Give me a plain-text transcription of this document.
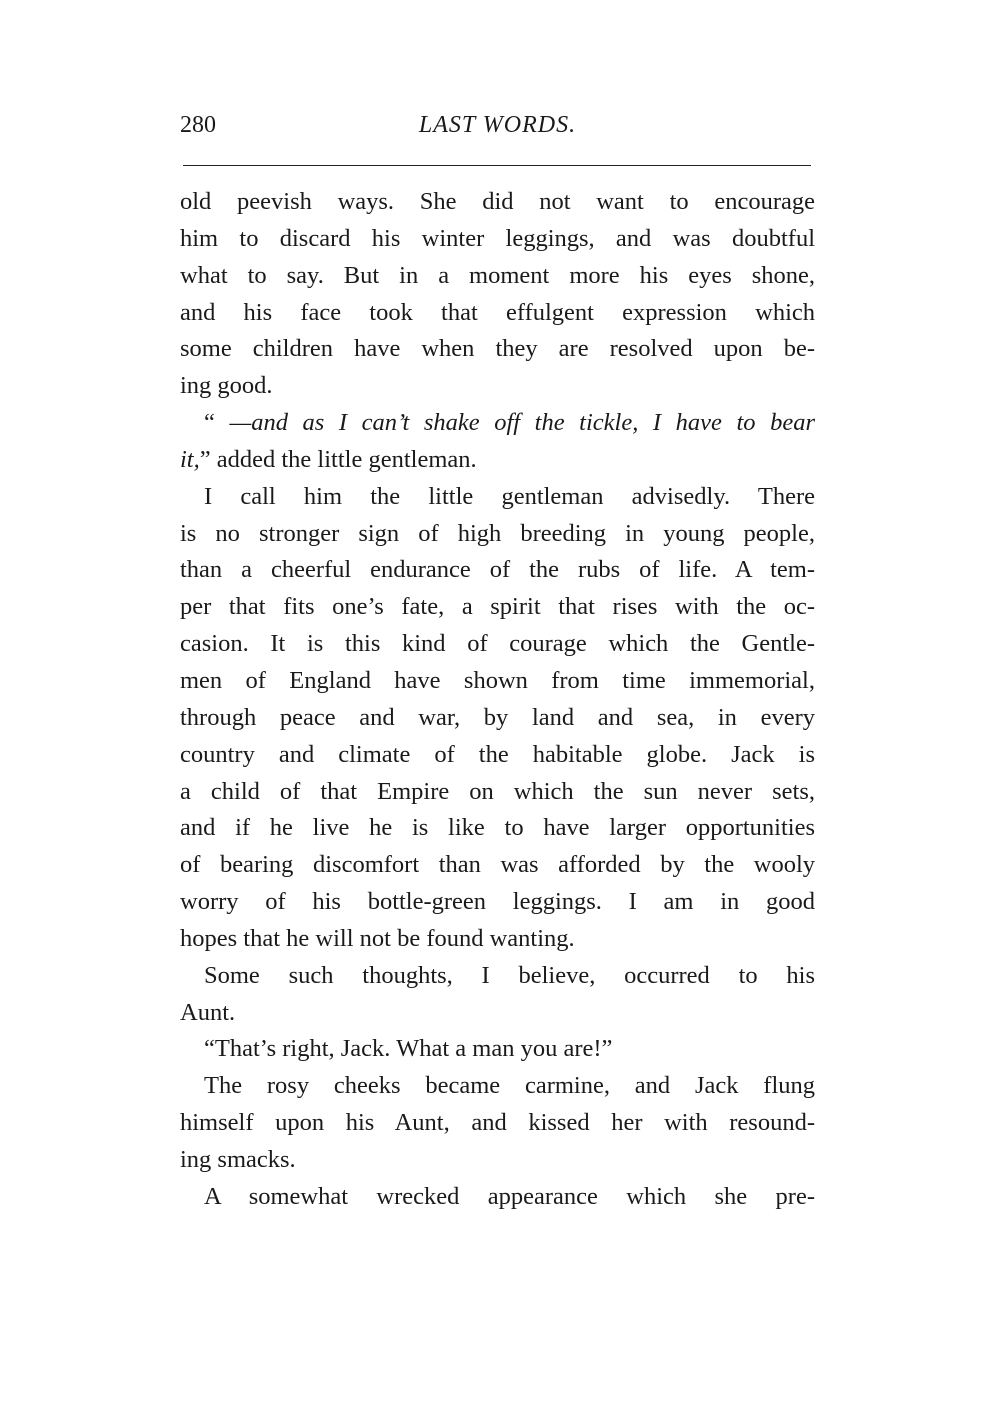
280	LAST WORDS.
old peevish ways. She did not want to encourage
him to discard his winter leggings, and was doubtful
what to say. But in a moment more his eyes shone,
and his face took that effulgent expression which
some children have when they are resolved upon be-
ing good.
“ —and as I can’t shake off the tickle, I have to bear
it,” added the little gentleman.
I call him the little gentleman advisedly. There
is no stronger sign of high breeding in young people,
than a cheerful endurance of the rubs of life. A tem-
per that fits one’s fate, a spirit that rises with the oc-
casion. It is this kind of courage which the Gentle-
men of England have shown from time immemorial,
through peace and war, by land and sea, in every
country and climate of the habitable globe. Jack is
a child of that Empire on which the sun never sets,
and if he live he is like to have larger opportunities
of bearing discomfort than was afforded by the wooly
worry of his bottle-green leggings. I am in good
hopes that he will not be found wanting.
Some such thoughts, I believe, occurred to his
Aunt.
“That’s right, Jack. What a man you are!”
The rosy cheeks became carmine, and Jack flung
himself upon his Aunt, and kissed her with resound-
ing smacks.
A somewhat wrecked appearance which she pre-
